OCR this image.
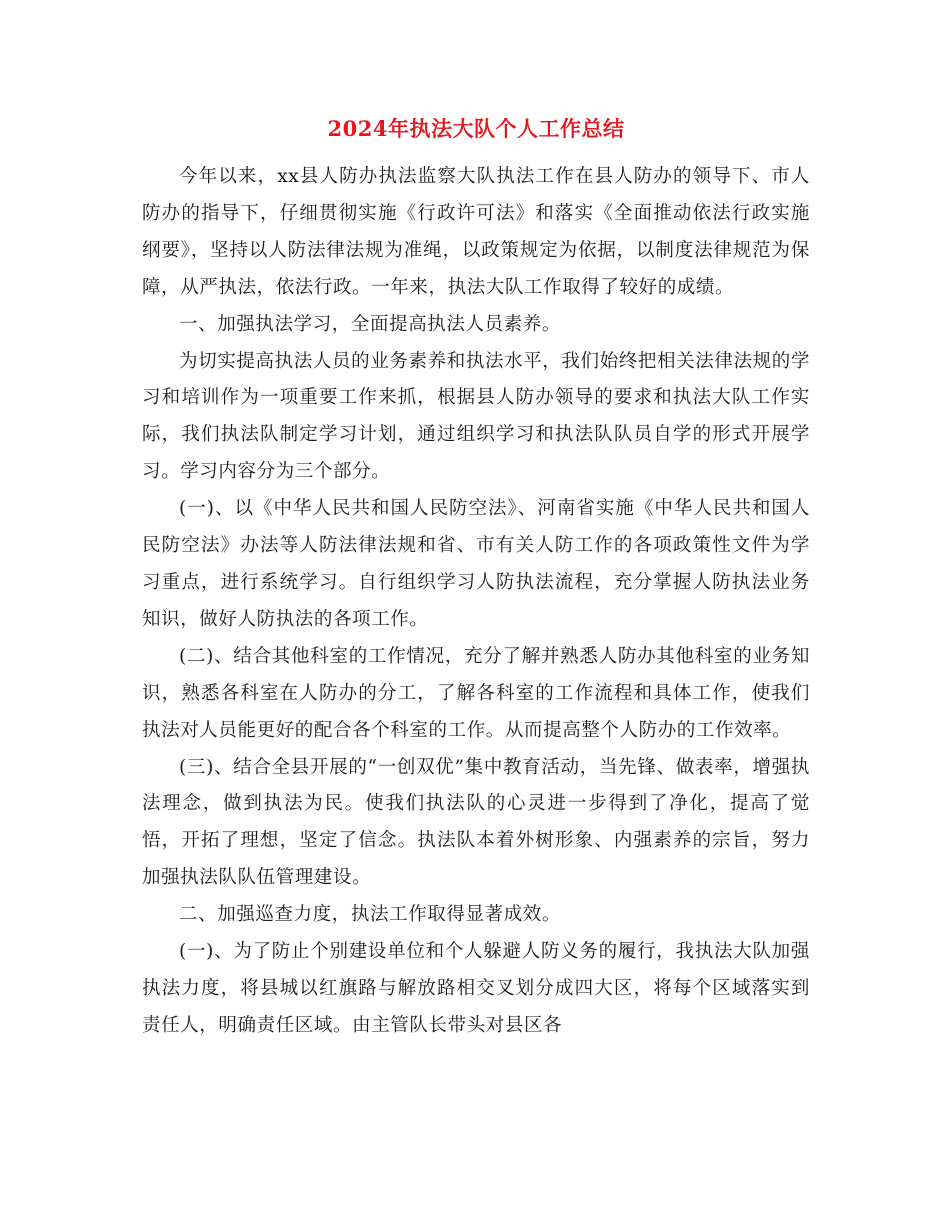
2024年执法大队个人工作总结

今年以来，xx县人防办执法监察大队执法工作在县人防办的领导下、市人防办的指导下，仔细贯彻实施《行政许可法》和落实《全面推动依法行政实施纲要》，坚持以人防法律法规为准绳，以政策规定为依据，以制度法律规范为保障，从严执法，依法行政。一年来，执法大队工作取得了较好的成绩。

一、加强执法学习，全面提高执法人员素养。

为切实提高执法人员的业务素养和执法水平，我们始终把相关法律法规的学习和培训作为一项重要工作来抓，根据县人防办领导的要求和执法大队工作实际，我们执法队制定学习计划，通过组织学习和执法队队员自学的形式开展学习。学习内容分为三个部分。

(一)、以《中华人民共和国人民防空法》、河南省实施《中华人民共和国人民防空法》办法等人防法律法规和省、市有关人防工作的各项政策性文件为学习重点，进行系统学习。自行组织学习人防执法流程，充分掌握人防执法业务知识，做好人防执法的各项工作。

(二)、结合其他科室的工作情况，充分了解并熟悉人防办其他科室的业务知识，熟悉各科室在人防办的分工，了解各科室的工作流程和具体工作，使我们执法对人员能更好的配合各个科室的工作。从而提高整个人防办的工作效率。

(三)、结合全县开展的“一创双优”集中教育活动，当先锋、做表率，增强执法理念，做到执法为民。使我们执法队的心灵进一步得到了净化，提高了觉悟，开拓了理想，坚定了信念。执法队本着外树形象、内强素养的宗旨，努力加强执法队队伍管理建设。

二、加强巡查力度，执法工作取得显著成效。

(一)、为了防止个别建设单位和个人躲避人防义务的履行，我执法大队加强执法力度，将县城以红旗路与解放路相交叉划分成四大区，将每个区域落实到责任人，明确责任区域。由主管队长带头对县区各
